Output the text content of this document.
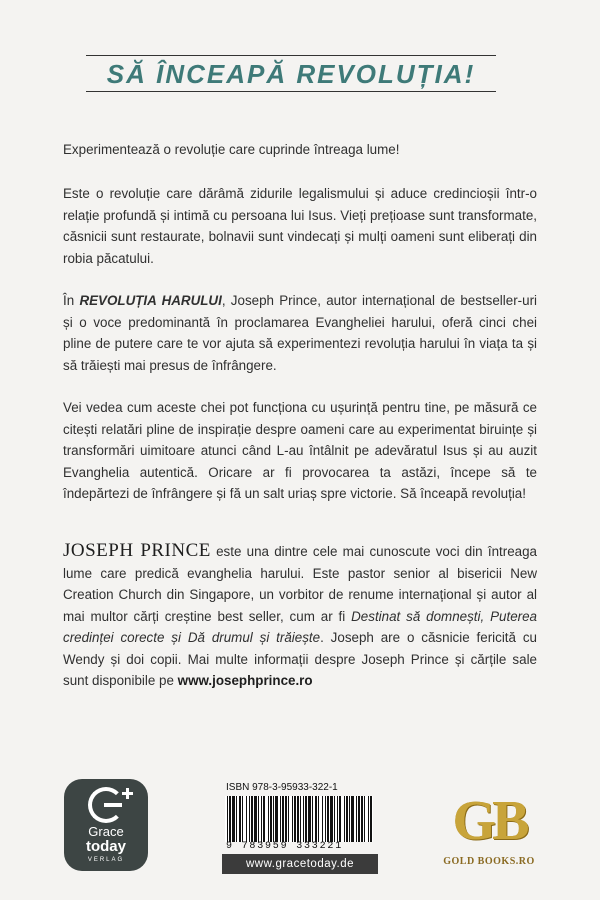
SĂ ÎNCEAPĂ REVOLUȚIA!

Experimentează o revoluție care cuprinde întreaga lume!

Este o revoluție care dărâmă zidurile legalismului și aduce credincioșii într-o relație profundă și intimă cu persoana lui Isus. Vieți prețioase sunt transformate, căsnicii sunt restaurate, bolnavii sunt vindecați și mulți oameni sunt eliberați din robia păcatului.

În REVOLUȚIA HARULUI, Joseph Prince, autor internațional de bestseller-uri și o voce predominantă în proclamarea Evangheliei harului, oferă cinci chei pline de putere care te vor ajuta să experimentezi revoluția harului în viața ta și să trăiești mai presus de înfrângere.

Vei vedea cum aceste chei pot funcționa cu ușurință pentru tine, pe măsură ce citești relatări pline de inspirație despre oameni care au experimentat biruințe și transformări uimitoare atunci când L-au întâlnit pe adevăratul Isus și au auzit Evanghelia autentică. Oricare ar fi provocarea ta astăzi, începe să te îndepărtezi de înfrângere și fă un salt uriaș spre victorie. Să înceapă revoluția!

JOSEPH PRINCE este una dintre cele mai cunoscute voci din întreaga lume care predică evanghelia harului. Este pastor senior al bisericii New Creation Church din Singapore, un vorbitor de renume internațional și autor al mai multor cărți creștine best seller, cum ar fi Destinat să domnești, Puterea credinței corecte și Dă drumul și trăiește. Joseph are o căsnicie fericită cu Wendy și doi copii. Mai multe informații despre Joseph Prince și cărțile sale sunt disponibile pe www.josephprince.ro
Grace
today
VERLAG
ISBN 978-3-95933-322-1
9 783959 333221
www.gracetoday.de
GB
GOLD BOOKS.RO
